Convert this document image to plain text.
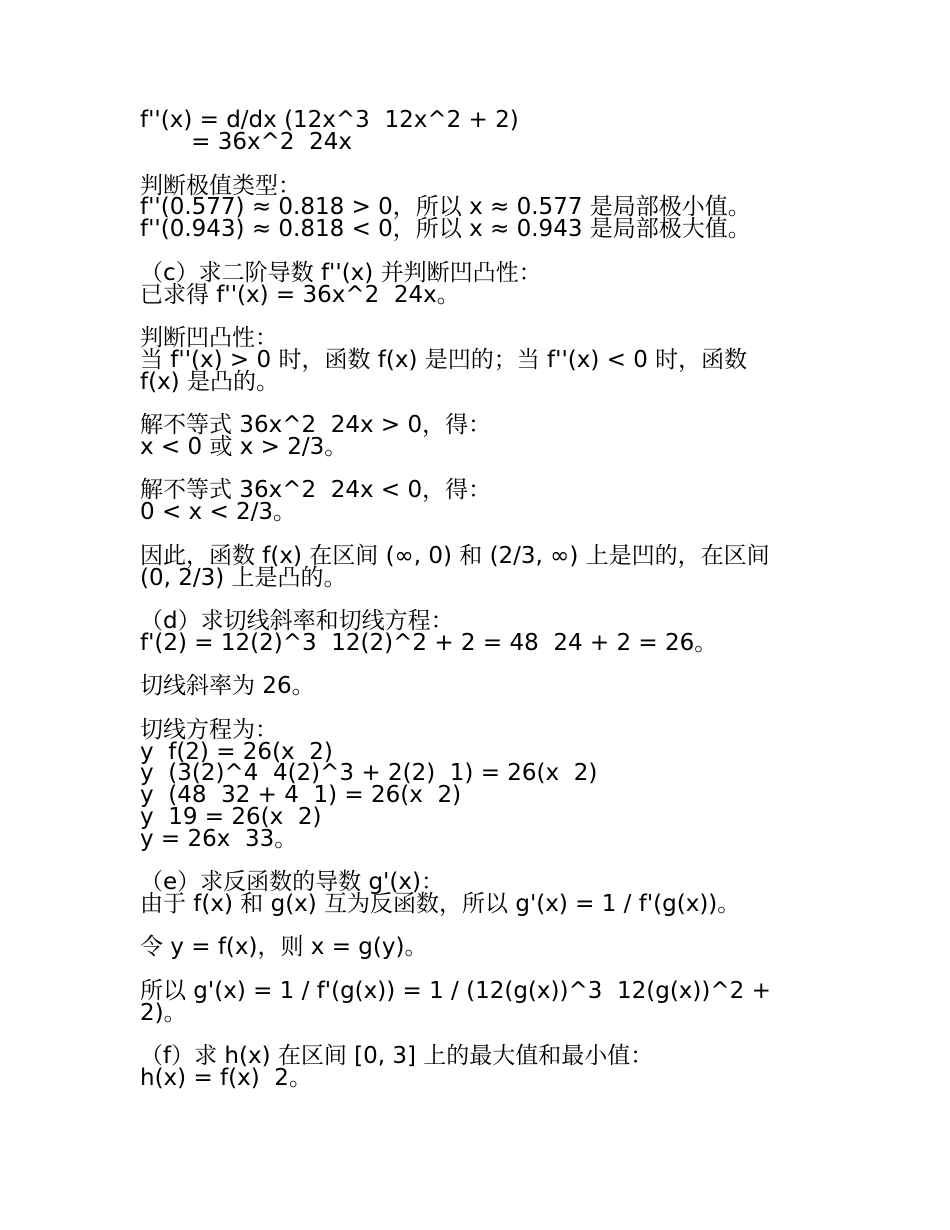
f''(x) = d/dx (12x^3  12x^2 + 2)

= 36x^2  24x

判断极值类型：

f''(0.577) ≈ 0.818 > 0，所以 x ≈ 0.577 是局部极小值。

f''(0.943) ≈ 0.818 < 0，所以 x ≈ 0.943 是局部极大值。

（c）求二阶导数 f''(x) 并判断凹凸性：

已求得 f''(x) = 36x^2  24x。

判断凹凸性：

当 f''(x) > 0 时，函数 f(x) 是凹的；当 f''(x) < 0 时，函数

f(x) 是凸的。

解不等式 36x^2  24x > 0，得：

x < 0 或 x > 2/3。

解不等式 36x^2  24x < 0，得：

0 < x < 2/3。

因此，函数 f(x) 在区间 (∞, 0) 和 (2/3, ∞) 上是凹的，在区间

(0, 2/3) 上是凸的。

（d）求切线斜率和切线方程：

f'(2) = 12(2)^3  12(2)^2 + 2 = 48  24 + 2 = 26。

切线斜率为 26。

切线方程为：

y  f(2) = 26(x  2)

y  (3(2)^4  4(2)^3 + 2(2)  1) = 26(x  2)

y  (48  32 + 4  1) = 26(x  2)

y  19 = 26(x  2)

y = 26x  33。

（e）求反函数的导数 g'(x)：

由于 f(x) 和 g(x) 互为反函数，所以 g'(x) = 1 / f'(g(x))。

令 y = f(x)，则 x = g(y)。

所以 g'(x) = 1 / f'(g(x)) = 1 / (12(g(x))^3  12(g(x))^2 +

2)。

（f）求 h(x) 在区间 [0, 3] 上的最大值和最小值：

h(x) = f(x)  2。
